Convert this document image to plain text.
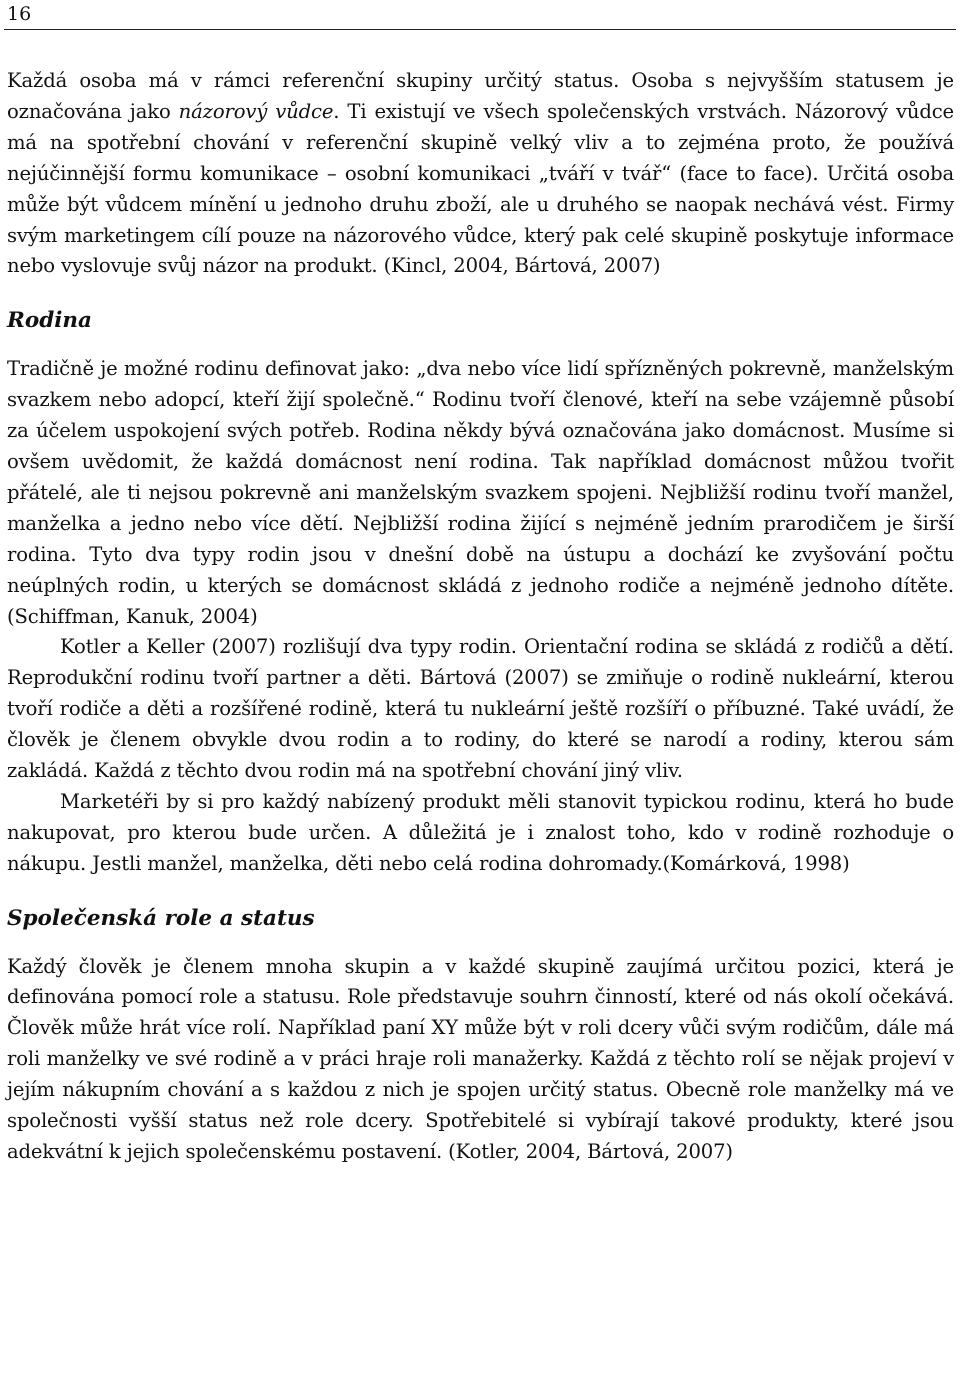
16

Každá osoba má v rámci referenční skupiny určitý status. Osoba s nejvyšším statusem je označována jako názorový vůdce. Ti existují ve všech společenských vrstvách. Názorový vůdce má na spotřební chování v referenční skupině velký vliv a to zejména proto, že používá nejúčinnější formu komunikace – osobní komunikaci „tváří v tvář“ (face to face). Určitá osoba může být vůdcem mínění u jednoho druhu zboží, ale u druhého se naopak nechává vést. Firmy svým marketingem cílí pouze na názorového vůdce, který pak celé skupině poskytuje informace nebo vyslovuje svůj názor na produkt. (Kincl, 2004, Bártová, 2007)

Rodina

Tradičně je možné rodinu definovat jako: „dva nebo více lidí spřízněných pokrevně, manželským svazkem nebo adopcí, kteří žijí společně.“ Rodinu tvoří členové, kteří na sebe vzájemně působí za účelem uspokojení svých potřeb. Rodina někdy bývá označována jako domácnost. Musíme si ovšem uvědomit, že každá domácnost není rodina. Tak například domácnost můžou tvořit přátelé, ale ti nejsou pokrevně ani manželským svazkem spojeni. Nejbližší rodinu tvoří manžel, manželka a jedno nebo více dětí. Nejbližší rodina žijící s nejméně jedním prarodičem je širší rodina. Tyto dva typy rodin jsou v dnešní době na ústupu a dochází ke zvyšování počtu neúplných rodin, u kterých se domácnost skládá z jednoho rodiče a nejméně jednoho dítěte. (Schiffman, Kanuk, 2004)

Kotler a Keller (2007) rozlišují dva typy rodin. Orientační rodina se skládá z rodičů a dětí. Reprodukční rodinu tvoří partner a děti. Bártová (2007) se zmiňuje o rodině nukleární, kterou tvoří rodiče a děti a rozšířené rodině, která tu nukleární ještě rozšíří o příbuzné. Také uvádí, že člověk je členem obvykle dvou rodin a to rodiny, do které se narodí a rodiny, kterou sám zakládá. Každá z těchto dvou rodin má na spotřební chování jiný vliv.

Marketéři by si pro každý nabízený produkt měli stanovit typickou rodinu, která ho bude nakupovat, pro kterou bude určen. A důležitá je i znalost toho, kdo v rodině rozhoduje o nákupu. Jestli manžel, manželka, děti nebo celá rodina dohromady.(Komárková, 1998)

Společenská role a status

Každý člověk je členem mnoha skupin a v každé skupině zaujímá určitou pozici, která je definována pomocí role a statusu. Role představuje souhrn činností, které od nás okolí očekává. Člověk může hrát více rolí. Například paní XY může být v roli dcery vůči svým rodičům, dále má roli manželky ve své rodině a v práci hraje roli manažerky. Každá z těchto rolí se nějak projeví v jejím nákupním chování a s každou z nich je spojen určitý status. Obecně role manželky má ve společnosti vyšší status než role dcery. Spotřebitelé si vybírají takové produkty, které jsou adekvátní k jejich společenskému postavení. (Kotler, 2004, Bártová, 2007)
